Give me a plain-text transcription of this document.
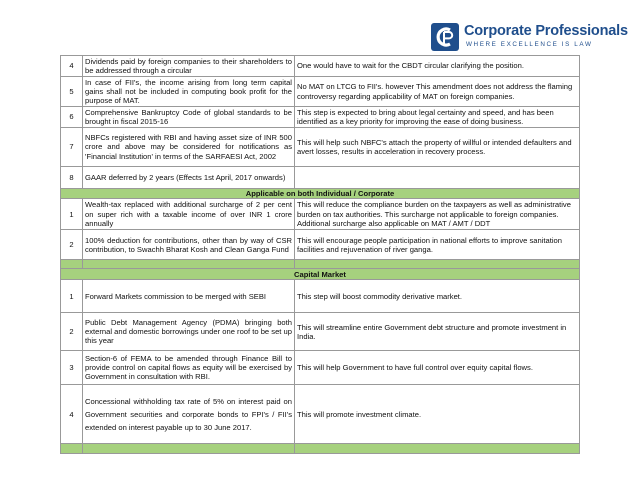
Corporate Professionals
WHERE EXCELLENCE IS LAW
4	Dividends paid by foreign companies to their shareholders to be addressed through a circular	One would have to wait for the CBDT circular clarifying the position.
5	In case of FII's, the income arising from long term capital gains shall not be included in computing book profit for the purpose of MAT.	No MAT on LTCG to FII's. however This amendment does not address the flaming controversy regarding applicability of MAT on foreign companies.
6	Comprehensive Bankruptcy Code of global standards to be brought in fiscal 2015-16	This step is expected to bring about legal certainty and speed, and has been identified as a key priority for improving the ease of doing business.
7	NBFCs registered with RBI and having asset size of INR 500 crore and above may be considered for notifications as 'Financial Institution' in terms of the SARFAESI Act, 2002	This will help such NBFC's attach the property of willful or intended defaulters and avert losses, results in acceleration in recovery process.
8	GAAR deferred by 2 years (Effects 1st April, 2017 onwards)	
Applicable on both Individual / Corporate		
1	Wealth-tax replaced with additional surcharge of 2 per cent on super rich with a taxable income of over INR 1 crore annually	This will reduce the compliance burden on the taxpayers as well as administrative burden on tax authorities. This surcharge not applicable to foreign companies. Additional surcharge also applicable on MAT / AMT / DDT
2	100% deduction for contributions, other than by way of CSR contribution, to Swachh Bharat Kosh and Clean Ganga Fund	This will encourage people participation in national efforts to improve sanitation facilities and rejuvenation of river ganga.

Capital Market		
1	Forward Markets commission to be merged with SEBI	This step will boost commodity derivative market.
2	Public Debt Management Agency (PDMA) bringing both external and domestic borrowings under one roof to be set up this year	This will streamline entire Government debt structure and promote investment in India.
3	Section-6 of FEMA to be amended through Finance Bill to provide control on capital flows as equity will be exercised by Government in consultation with RBI.	This will help Government to have full control over equity capital flows.
4	Concessional withholding tax rate of 5% on interest paid on Government securities and corporate bonds to FPI's / FII's extended on interest payable up to 30 June 2017.	This will promote investment climate.
